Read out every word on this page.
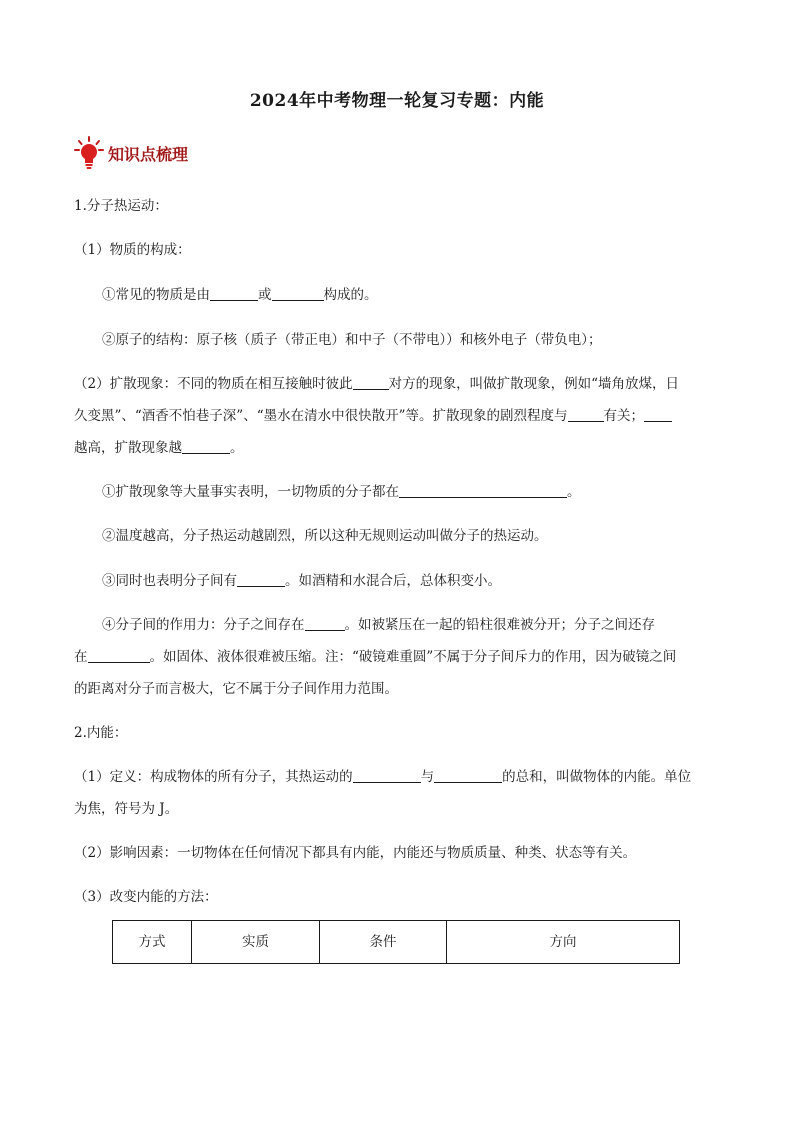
2024年中考物理一轮复习专题：内能
知识点梳理
1.分子热运动：
（1）物质的构成：
①常见的物质是由	或	构成的。
②原子的结构：原子核（质子（带正电）和中子（不带电））和核外电子（带负电）；
（2）扩散现象：不同的物质在相互接触时彼此	对方的现象，叫做扩散现象，例如“墙角放煤，日
久变黑”、“酒香不怕巷子深”、“墨水在清水中很快散开”等。扩散现象的剧烈程度与	有关；
越高，扩散现象越	。
①扩散现象等大量事实表明，一切物质的分子都在	。
②温度越高，分子热运动越剧烈，所以这种无规则运动叫做分子的热运动。
③同时也表明分子间有	。如酒精和水混合后，总体积变小。
④分子间的作用力：分子之间存在	。如被紧压在一起的铅柱很难被分开；分子之间还存
在	。如固体、液体很难被压缩。注：“破镜难重圆”不属于分子间斥力的作用，因为破镜之间
的距离对分子而言极大，它不属于分子间作用力范围。
2.内能：
（1）定义：构成物体的所有分子，其热运动的	与	的总和，叫做物体的内能。单位
为焦，符号为 J。
（2）影响因素：一切物体在任何情况下都具有内能，内能还与物质质量、种类、状态等有关。
（3）改变内能的方法：
方式	实质	条件	方向
